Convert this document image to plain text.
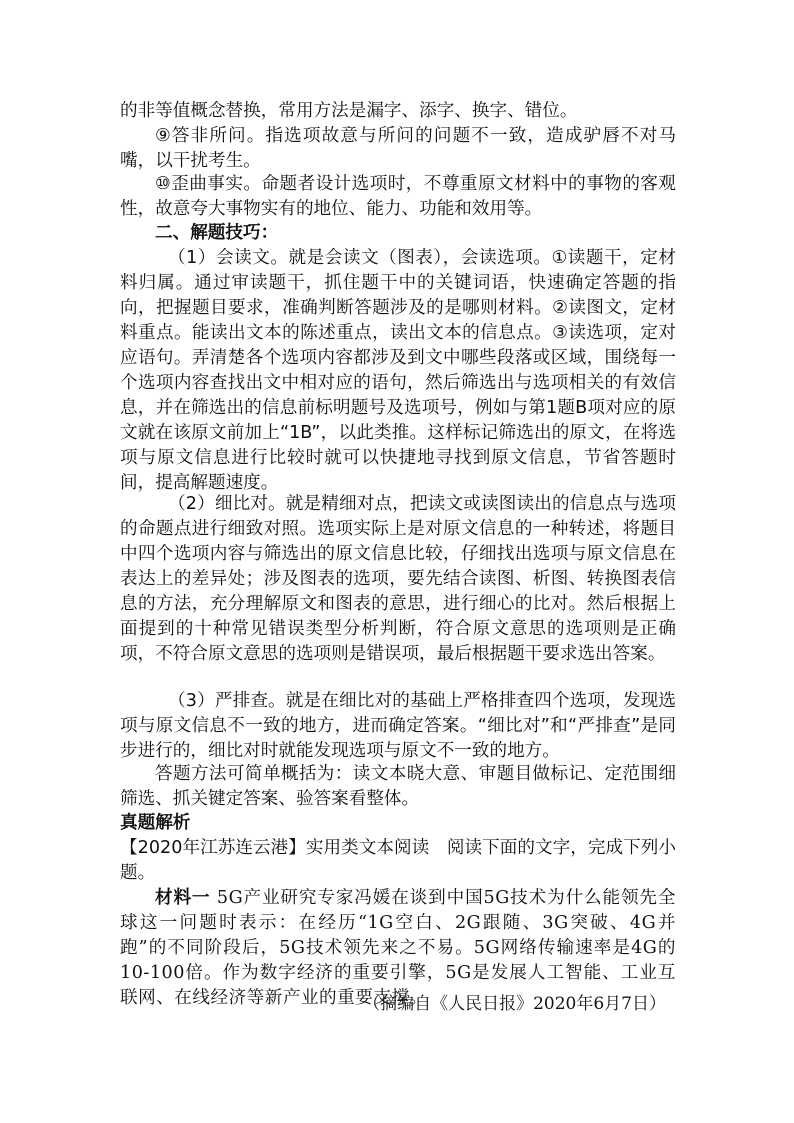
的非等值概念替换，常用方法是漏字、添字、换字、错位。
⑨答非所问。指选项故意与所问的问题不一致，造成驴唇不对马嘴，以干扰考生。
⑩歪曲事实。命题者设计选项时，不尊重原文材料中的事物的客观性，故意夸大事物实有的地位、能力、功能和效用等。
二、解题技巧：
（1）会读文。就是会读文（图表），会读选项。①读题干，定材料归属。通过审读题干，抓住题干中的关键词语，快速确定答题的指向，把握题目要求，准确判断答题涉及的是哪则材料。②读图文，定材料重点。能读出文本的陈述重点，读出文本的信息点。③读选项，定对应语句。弄清楚各个选项内容都涉及到文中哪些段落或区域，围绕每一个选项内容查找出文中相对应的语句，然后筛选出与选项相关的有效信息，并在筛选出的信息前标明题号及选项号，例如与第1题B项对应的原文就在该原文前加上“1B”，以此类推。这样标记筛选出的原文，在将选项与原文信息进行比较时就可以快捷地寻找到原文信息，节省答题时间，提高解题速度。
（2）细比对。就是精细对点，把读文或读图读出的信息点与选项的命题点进行细致对照。选项实际上是对原文信息的一种转述，将题目中四个选项内容与筛选出的原文信息比较，仔细找出选项与原文信息在表达上的差异处；涉及图表的选项，要先结合读图、析图、转换图表信息的方法，充分理解原文和图表的意思，进行细心的比对。然后根据上面提到的十种常见错误类型分析判断，符合原文意思的选项则是正确项，不符合原文意思的选项则是错误项，最后根据题干要求选出答案。
（3）严排查。就是在细比对的基础上严格排查四个选项，发现选项与原文信息不一致的地方，进而确定答案。“细比对”和“严排查”是同步进行的，细比对时就能发现选项与原文不一致的地方。
答题方法可简单概括为：读文本晓大意、审题目做标记、定范围细筛选、抓关键定答案、验答案看整体。
真题解析
【2020年江苏连云港】实用类文本阅读　阅读下面的文字，完成下列小题。
材料一 5G产业研究专家冯媛在谈到中国5G技术为什么能领先全球这一问题时表示：在经历“1G空白、2G跟随、3G突破、4G并跑”的不同阶段后，5G技术领先来之不易。5G网络传输速率是4G的10-100倍。作为数字经济的重要引擎，5G是发展人工智能、工业互联网、在线经济等新产业的重要支撑。
（摘编自《人民日报》2020年6月7日）
